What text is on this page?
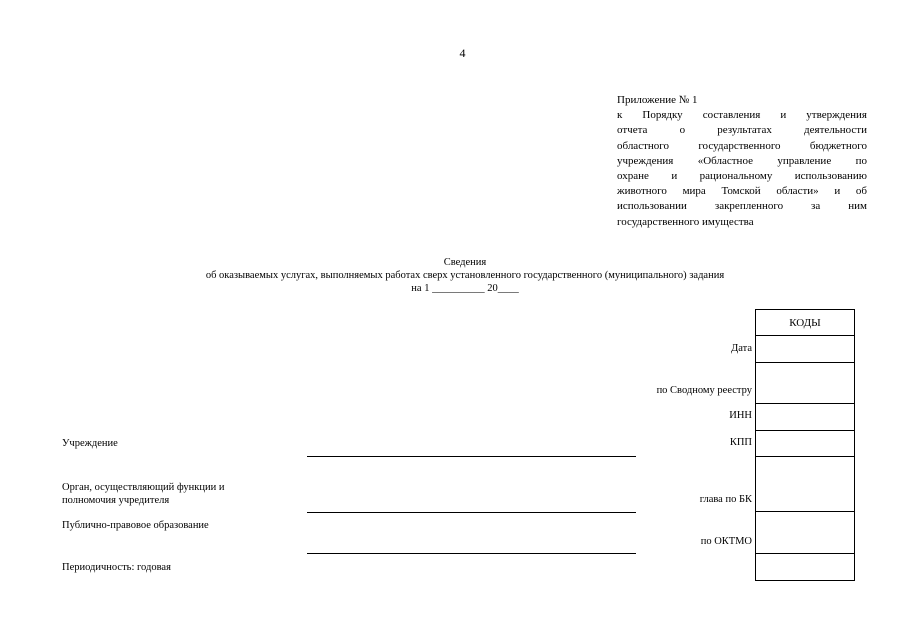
4
Приложение № 1
к Порядку составления и утверждения
отчета о результатах деятельности
областного государственного бюджетного
учреждения «Областное управление по
охране и рациональному использованию
животного мира Томской области» и об
использовании закрепленного за ним
государственного имущества
Сведения
об оказываемых услугах, выполняемых работах сверх установленного государственного (муниципального) задания
на 1 __________ 20____
КОДЫ
Дата
по Сводному реестру
ИНН
КПП
глава по БК
по ОКТМО
Учреждение
Орган, осуществляющий функции и
полномочия учредителя
Публично-правовое образование
Периодичность: годовая
